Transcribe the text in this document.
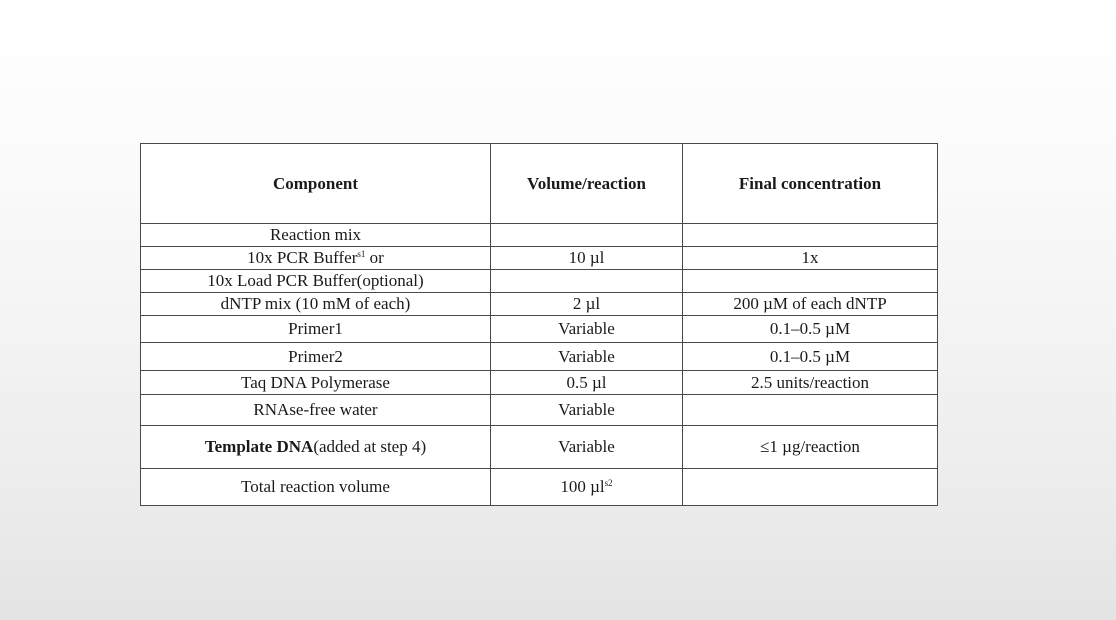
Component	Volume/reaction	Final concentration
Reaction mix		
10x PCR Buffer$^{s1}$ or	10 µl	1x
10x Load PCR Buffer(optional)		
dNTP mix (10 mM of each)	2 µl	200 µM of each dNTP
Primer1	Variable	0.1–0.5 µM
Primer2	Variable	0.1–0.5 µM
Taq DNA Polymerase	0.5 µl	2.5 units/reaction
RNAse-free water	Variable	
Template DNA(added at step 4)	Variable	≤1 µg/reaction
Total reaction volume	100 µl$^{s2}$	
